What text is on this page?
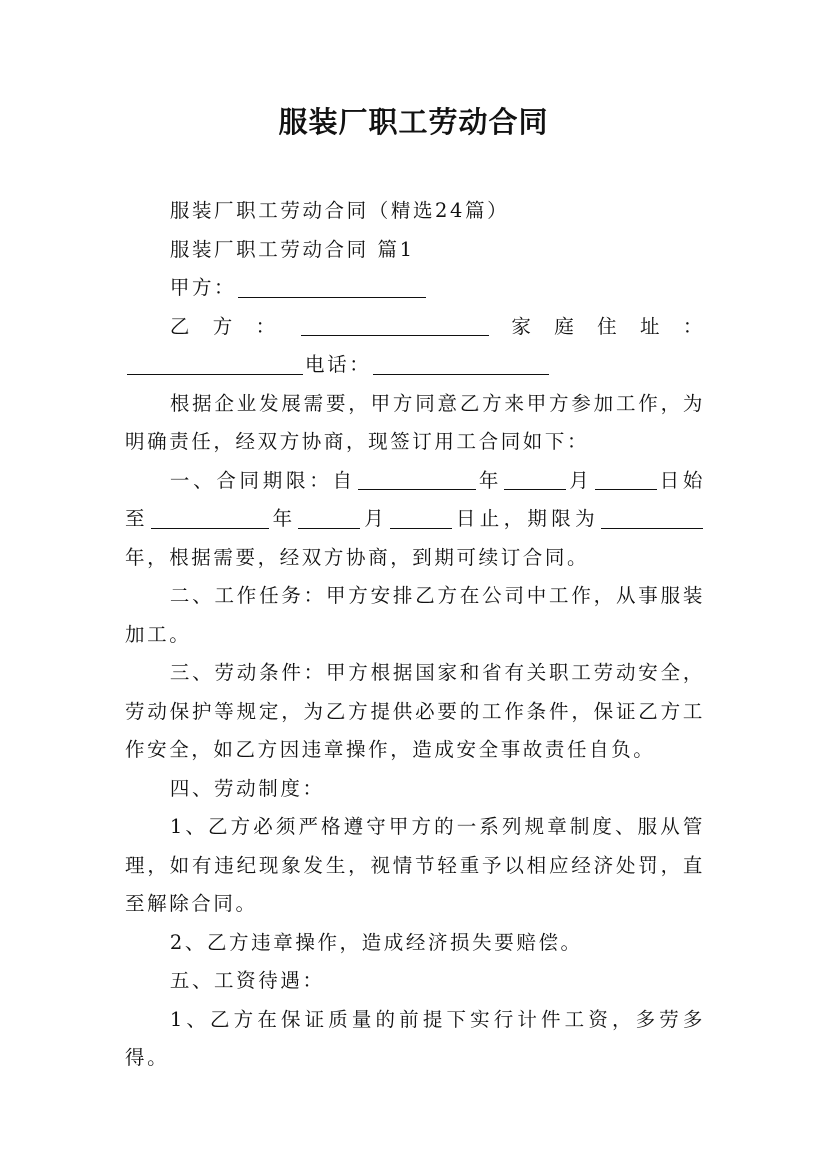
服装厂职工劳动合同

服装厂职工劳动合同（精选24篇）

服装厂职工劳动合同 篇1

甲方：

乙方：	家庭住址：电话：

根据企业发展需要，甲方同意乙方来甲方参加工作，为明确责任，经双方协商，现签订用工合同如下：

一、合同期限：自	年	月	日始至	年	月	日止，期限为年，根据需要，经双方协商，到期可续订合同。

二、工作任务：甲方安排乙方在公司中工作，从事服装加工。

三、劳动条件：甲方根据国家和省有关职工劳动安全，劳动保护等规定，为乙方提供必要的工作条件，保证乙方工作安全，如乙方因违章操作，造成安全事故责任自负。

四、劳动制度：

1、乙方必须严格遵守甲方的一系列规章制度、服从管理，如有违纪现象发生，视情节轻重予以相应经济处罚，直至解除合同。

2、乙方违章操作，造成经济损失要赔偿。

五、工资待遇：

1、乙方在保证质量的前提下实行计件工资，多劳多得。
